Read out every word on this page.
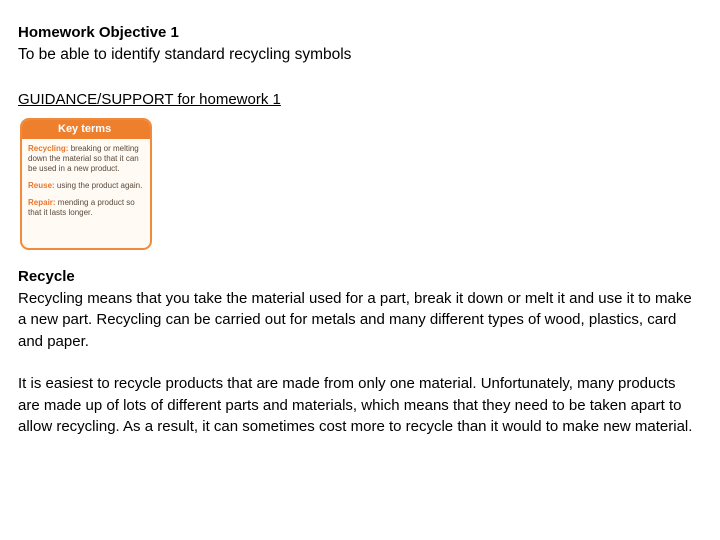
Homework Objective 1

To be able to identify standard recycling symbols

GUIDANCE/SUPPORT for homework 1

Key terms
Recycling: breaking or melting down the material so that it can be used in a new product.
Reuse: using the product again.
Repair: mending a product so that it lasts longer.

Recycle

Recycling means that you take the material used for a part, break it down or melt it and use it to make a new part. Recycling can be carried out for metals and many different types of wood, plastics, card and paper.

It is easiest to recycle products that are made from only one material. Unfortunately, many products are made up of lots of different parts and materials, which means that they need to be taken apart to allow recycling. As a result, it can sometimes cost more to recycle than it would to make new material.
